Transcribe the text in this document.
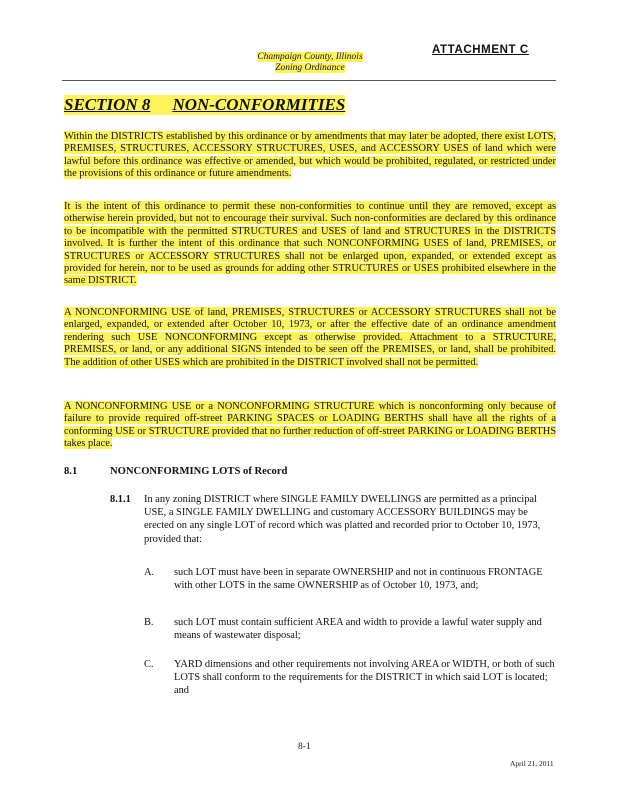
Champaign County, Illinois
Zoning Ordinance
ATTACHMENT C
SECTION 8 NON-CONFORMITIES
Within the DISTRICTS established by this ordinance or by amendments that may later be adopted, there exist LOTS, PREMISES, STRUCTURES, ACCESSORY STRUCTURES, USES, and ACCESSORY USES of land which were lawful before this ordinance was effective or amended, but which would be prohibited, regulated, or restricted under the provisions of this ordinance or future amendments.
It is the intent of this ordinance to permit these non-conformities to continue until they are removed, except as otherwise herein provided, but not to encourage their survival. Such non-conformities are declared by this ordinance to be incompatible with the permitted STRUCTURES and USES of land and STRUCTURES in the DISTRICTS involved. It is further the intent of this ordinance that such NONCONFORMING USES of land, PREMISES, or STRUCTURES or ACCESSORY STRUCTURES shall not be enlarged upon, expanded, or extended except as provided for herein, nor to be used as grounds for adding other STRUCTURES or USES prohibited elsewhere in the same DISTRICT.
A NONCONFORMING USE of land, PREMISES, STRUCTURES or ACCESSORY STRUCTURES shall not be enlarged, expanded, or extended after October 10, 1973, or after the effective date of an ordinance amendment rendering such USE NONCONFORMING except as otherwise provided. Attachment to a STRUCTURE, PREMISES, or land, or any additional SIGNS intended to be seen off the PREMISES, or land, shall be prohibited. The addition of other USES which are prohibited in the DISTRICT involved shall not be permitted.
A NONCONFORMING USE or a NONCONFORMING STRUCTURE which is nonconforming only because of failure to provide required off-street PARKING SPACES or LOADING BERTHS shall have all the rights of a conforming USE or STRUCTURE provided that no further reduction of off-street PARKING or LOADING BERTHS takes place.
8.1	NONCONFORMING LOTS of Record
8.1.1 In any zoning DISTRICT where SINGLE FAMILY DWELLINGS are permitted as a principal USE, a SINGLE FAMILY DWELLING and customary ACCESSORY BUILDINGS may be erected on any single LOT of record which was platted and recorded prior to October 10, 1973, provided that:
A. such LOT must have been in separate OWNERSHIP and not in continuous FRONTAGE with other LOTS in the same OWNERSHIP as of October 10, 1973, and;
B. such LOT must contain sufficient AREA and width to provide a lawful water supply and means of wastewater disposal;
C. YARD dimensions and other requirements not involving AREA or WIDTH, or both of such LOTS shall conform to the requirements for the DISTRICT in which said LOT is located; and
8-1
April 21, 2011
